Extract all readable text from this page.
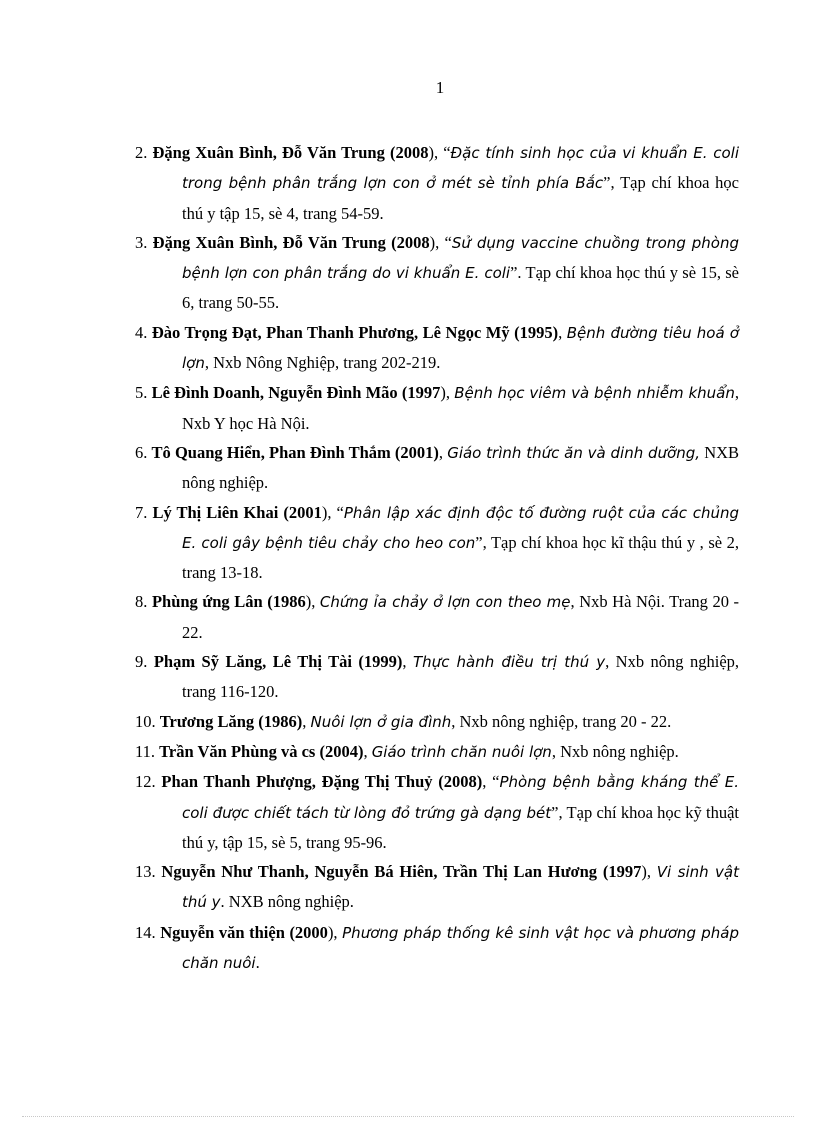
1
2. Đặng Xuân Bình, Đỗ Văn Trung (2008), “Đặc tính sinh học của vi khuẩn E. coli trong bệnh phân trắng lợn con ở mét sè tỉnh phía Bắc”, Tạp chí khoa học thú y tập 15, sè 4, trang 54-59.
3. Đặng Xuân Bình, Đỗ Văn Trung (2008), “Sử dụng vaccine chuồng trong phòng bệnh lợn con phân trắng do vi khuẩn E. coli”. Tạp chí khoa học thú y sè 15, sè 6, trang 50-55.
4. Đào Trọng Đạt, Phan Thanh Phương, Lê Ngọc Mỹ (1995), Bệnh đường tiêu hoá ở lợn, Nxb Nông Nghiệp, trang 202-219.
5. Lê Đình Doanh, Nguyễn Đình Mão (1997), Bệnh học viêm và bệnh nhiễm khuẩn, Nxb Y học Hà Nội.
6. Tô Quang Hiển, Phan Đình Thắm (2001), Giáo trình thức ăn và dinh dưỡng, NXB nông nghiệp.
7. Lý Thị Liên Khai (2001), “Phân lập xác định độc tố đường ruột của các chủng E. coli gây bệnh tiêu chảy cho heo con”, Tạp chí khoa học kĩ thậu thú y , sè 2, trang 13-18.
8. Phùng ứng Lân (1986), Chứng ỉa chảy ở lợn con theo mẹ, Nxb Hà Nội. Trang 20 - 22.
9. Phạm Sỹ Lăng, Lê Thị Tài (1999), Thực hành điều trị thú y, Nxb nông nghiệp, trang 116-120.
10. Trương Lăng (1986), Nuôi lợn ở gia đình, Nxb nông nghiệp, trang 20 - 22.
11. Trần Văn Phùng và cs (2004), Giáo trình chăn nuôi lợn, Nxb nông nghiệp.
12. Phan Thanh Phượng, Đặng Thị Thuỷ (2008), “Phòng bệnh bằng kháng thể E. coli được chiết tách từ lòng đỏ trứng gà dạng bét”, Tạp chí khoa học kỹ thuật thú y, tập 15, sè 5, trang 95-96.
13. Nguyễn Như Thanh, Nguyễn Bá Hiên, Trần Thị Lan Hương (1997), Vi sinh vật thú y. NXB nông nghiệp.
14. Nguyễn văn thiện (2000), Phương pháp thống kê sinh vật học và phương pháp chăn nuôi.
